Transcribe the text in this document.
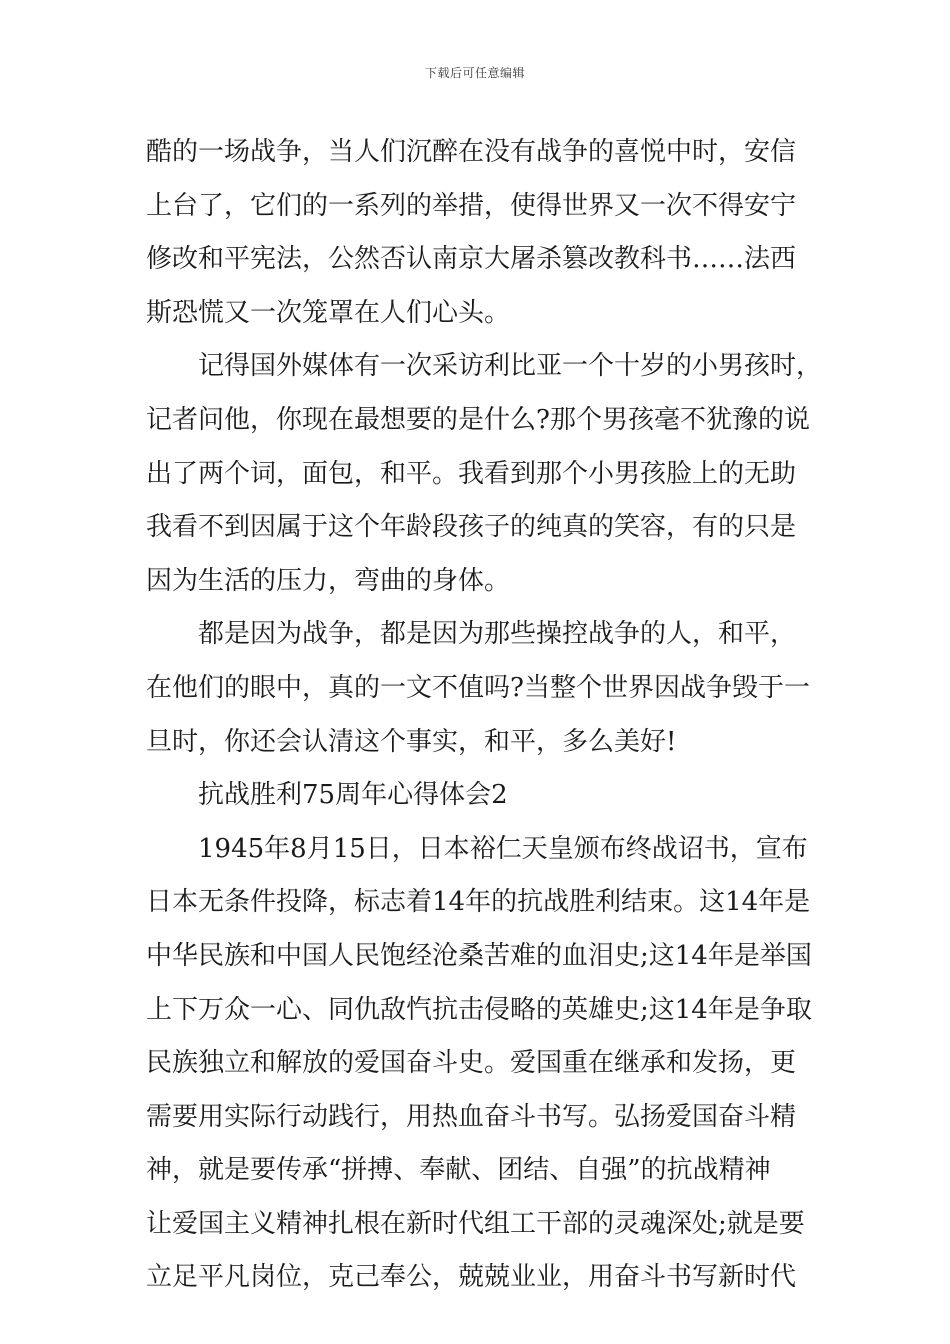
下载后可任意编辑
酷的一场战争，当人们沉醉在没有战争的喜悦中时，安信
上台了，它们的一系列的举措，使得世界又一次不得安宁
修改和平宪法，公然否认南京大屠杀篡改教科书……法西
斯恐慌又一次笼罩在人们心头。
记得国外媒体有一次采访利比亚一个十岁的小男孩时，
记者问他，你现在最想要的是什么?那个男孩毫不犹豫的说
出了两个词，面包，和平。我看到那个小男孩脸上的无助
我看不到因属于这个年龄段孩子的纯真的笑容，有的只是
因为生活的压力，弯曲的身体。
都是因为战争，都是因为那些操控战争的人，和平，
在他们的眼中，真的一文不值吗?当整个世界因战争毁于一
旦时，你还会认清这个事实，和平，多么美好!
抗战胜利75周年心得体会2
1945年8月15日，日本裕仁天皇颁布终战诏书，宣布
日本无条件投降，标志着14年的抗战胜利结束。这14年是
中华民族和中国人民饱经沧桑苦难的血泪史;这14年是举国
上下万众一心、同仇敌忾抗击侵略的英雄史;这14年是争取
民族独立和解放的爱国奋斗史。爱国重在继承和发扬，更
需要用实际行动践行，用热血奋斗书写。弘扬爱国奋斗精
神，就是要传承“拼搏、奉献、团结、自强”的抗战精神
让爱国主义精神扎根在新时代组工干部的灵魂深处;就是要
立足平凡岗位，克己奉公，兢兢业业，用奋斗书写新时代
